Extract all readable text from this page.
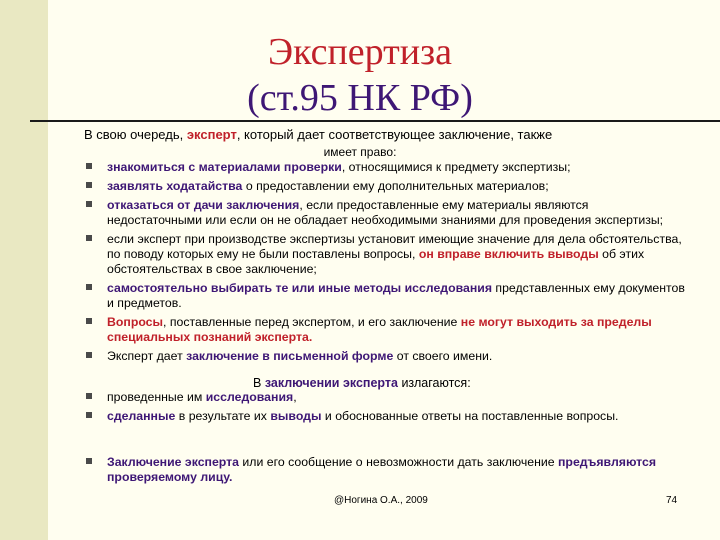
Экспертиза
(ст.95 НК РФ)
В свою очередь, эксперт, который дает соответствующее заключение, также
имеет право:
знакомиться с материалами проверки, относящимися к предмету экспертизы;
заявлять ходатайства о предоставлении ему дополнительных материалов;
отказаться от дачи заключения, если предоставленные ему материалы являются недостаточными или если он не обладает необходимыми знаниями для проведения экспертизы;
если эксперт при производстве экспертизы установит имеющие значение для дела обстоятельства, по поводу которых ему не были поставлены вопросы, он вправе включить выводы об этих обстоятельствах в свое заключение;
самостоятельно выбирать те или иные методы исследования представленных ему документов и предметов.
Вопросы, поставленные перед экспертом, и его заключение не могут выходить за пределы специальных познаний эксперта.
Эксперт дает заключение в письменной форме от своего имени.
В заключении эксперта излагаются:
проведенные им исследования,
сделанные в результате их выводы и обоснованные ответы на поставленные вопросы.
Заключение эксперта или его сообщение о невозможности дать заключение предъявляются проверяемому лицу.
@Ногина О.А., 2009	74
